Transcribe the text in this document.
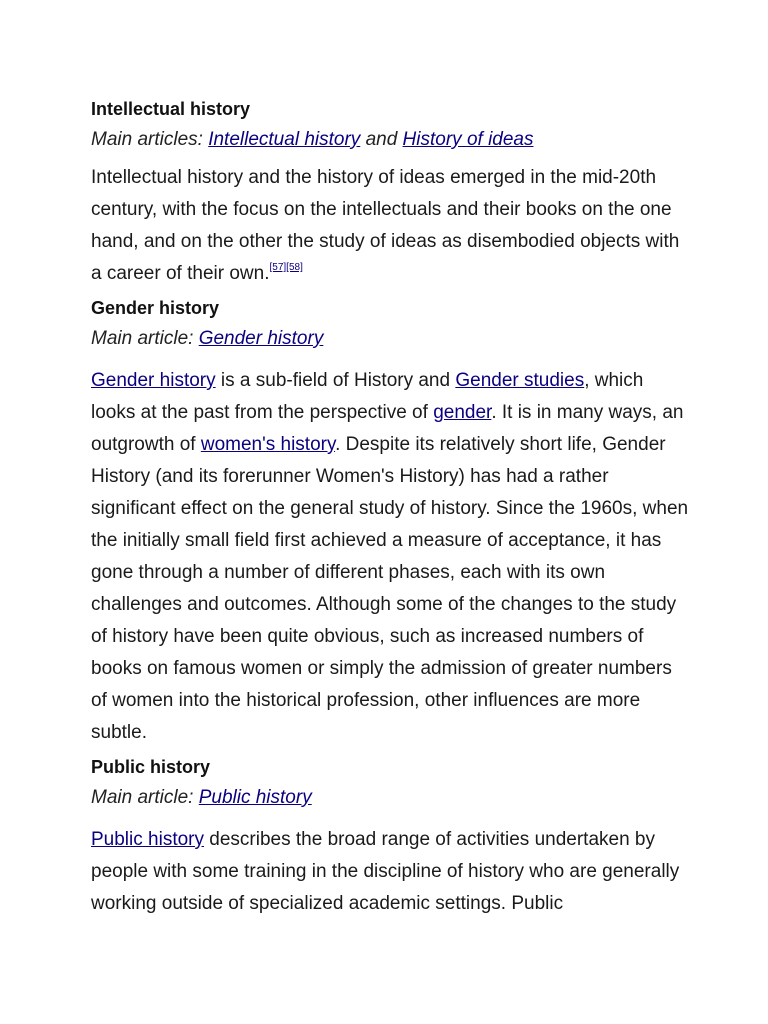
Intellectual history
Main articles: Intellectual history and History of ideas

Intellectual history and the history of ideas emerged in the mid-20th century, with the focus on the intellectuals and their books on the one hand, and on the other the study of ideas as disembodied objects with a career of their own.[57][58]

Gender history
Main article: Gender history

Gender history is a sub-field of History and Gender studies, which looks at the past from the perspective of gender. It is in many ways, an outgrowth of women's history. Despite its relatively short life, Gender History (and its forerunner Women's History) has had a rather significant effect on the general study of history. Since the 1960s, when the initially small field first achieved a measure of acceptance, it has gone through a number of different phases, each with its own challenges and outcomes. Although some of the changes to the study of history have been quite obvious, such as increased numbers of books on famous women or simply the admission of greater numbers of women into the historical profession, other influences are more subtle.

Public history
Main article: Public history

Public history describes the broad range of activities undertaken by people with some training in the discipline of history who are generally working outside of specialized academic settings. Public
